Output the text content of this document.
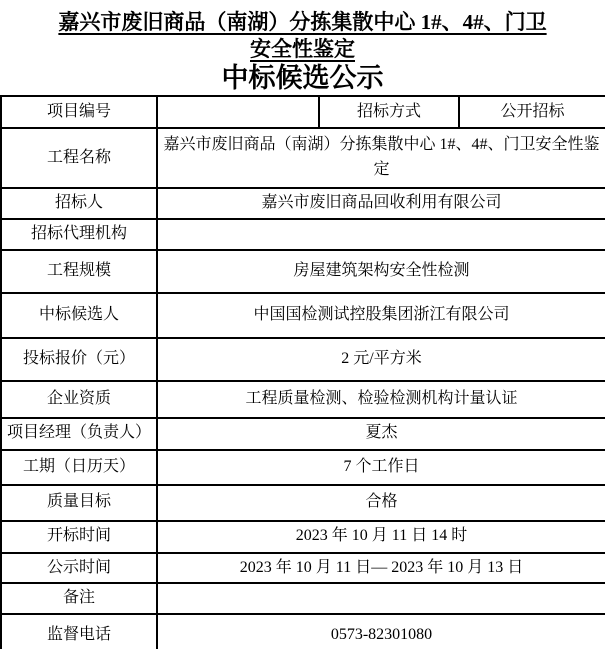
嘉兴市废旧商品（南湖）分拣集散中心 1#、4#、门卫
安全性鉴定
中标候选公示
项目编号		招标方式	公开招标
工程名称	嘉兴市废旧商品（南湖）分拣集散中心 1#、4#、门卫安全性鉴定		
招标人	嘉兴市废旧商品回收利用有限公司		
招标代理机构			
工程规模	房屋建筑架构安全性检测		
中标候选人	中国国检测试控股集团浙江有限公司		
投标报价（元）	2 元/平方米		
企业资质	工程质量检测、检验检测机构计量认证		
项目经理（负责人）	夏杰		
工期（日历天）	7 个工作日		
质量目标	合格		
开标时间	2023 年 10 月 11 日 14 时		
公示时间	2023 年 10 月 11 日— 2023 年 10 月 13 日		
备注			
监督电话	0573-82301080		
